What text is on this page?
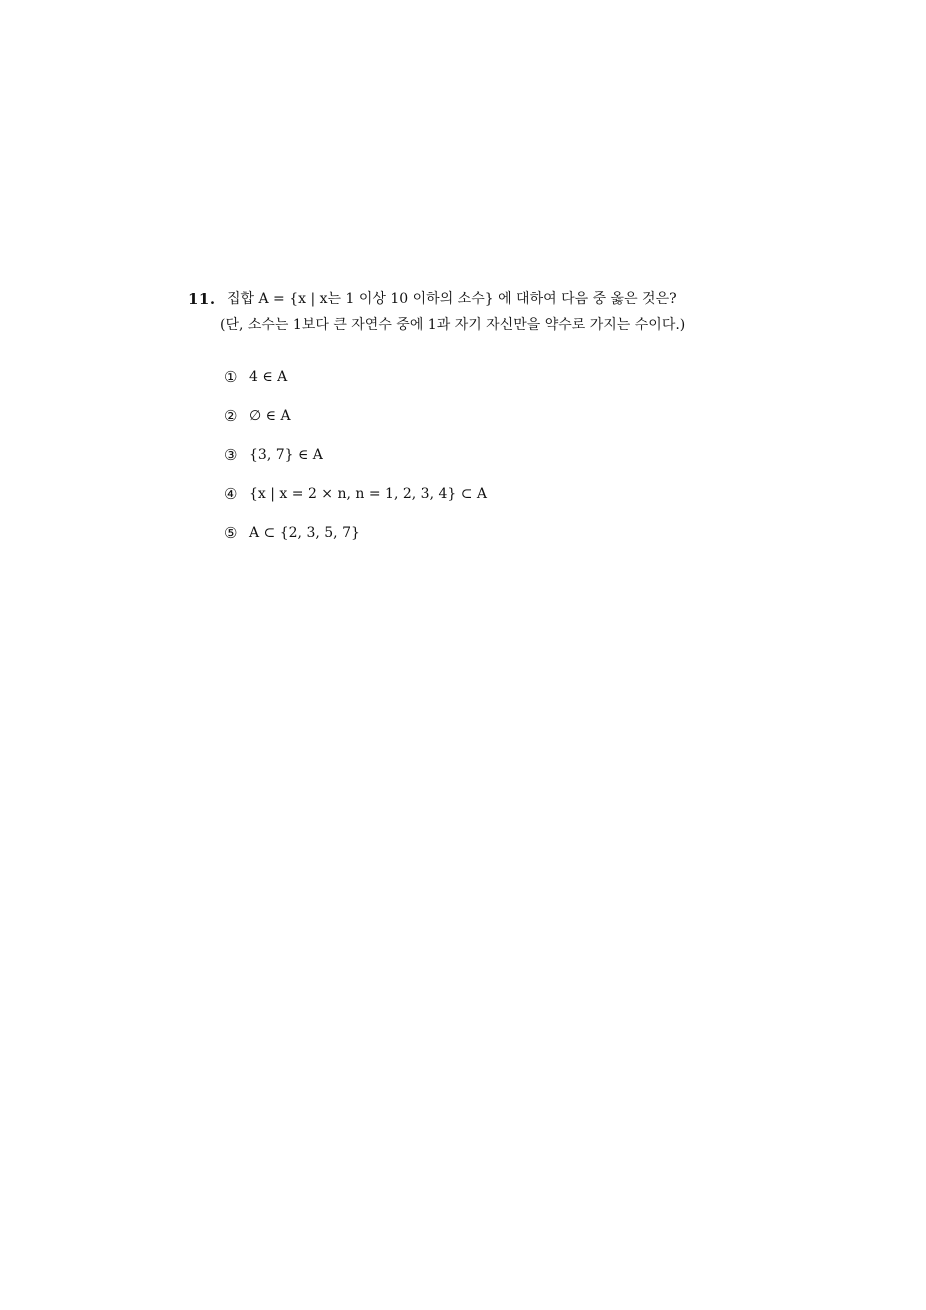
11. 집합 A = {x | x는 1 이상 10 이하의 소수} 에 대하여 다음 중 옳은 것은?
(단, 소수는 1보다 큰 자연수 중에 1과 자기 자신만을 약수로 가지는 수이다.)
① 4 ∈ A
② ∅ ∈ A
③ {3, 7} ∈ A
④ {x | x = 2 × n, n = 1, 2, 3, 4} ⊂ A
⑤ A ⊂ {2, 3, 5, 7}
